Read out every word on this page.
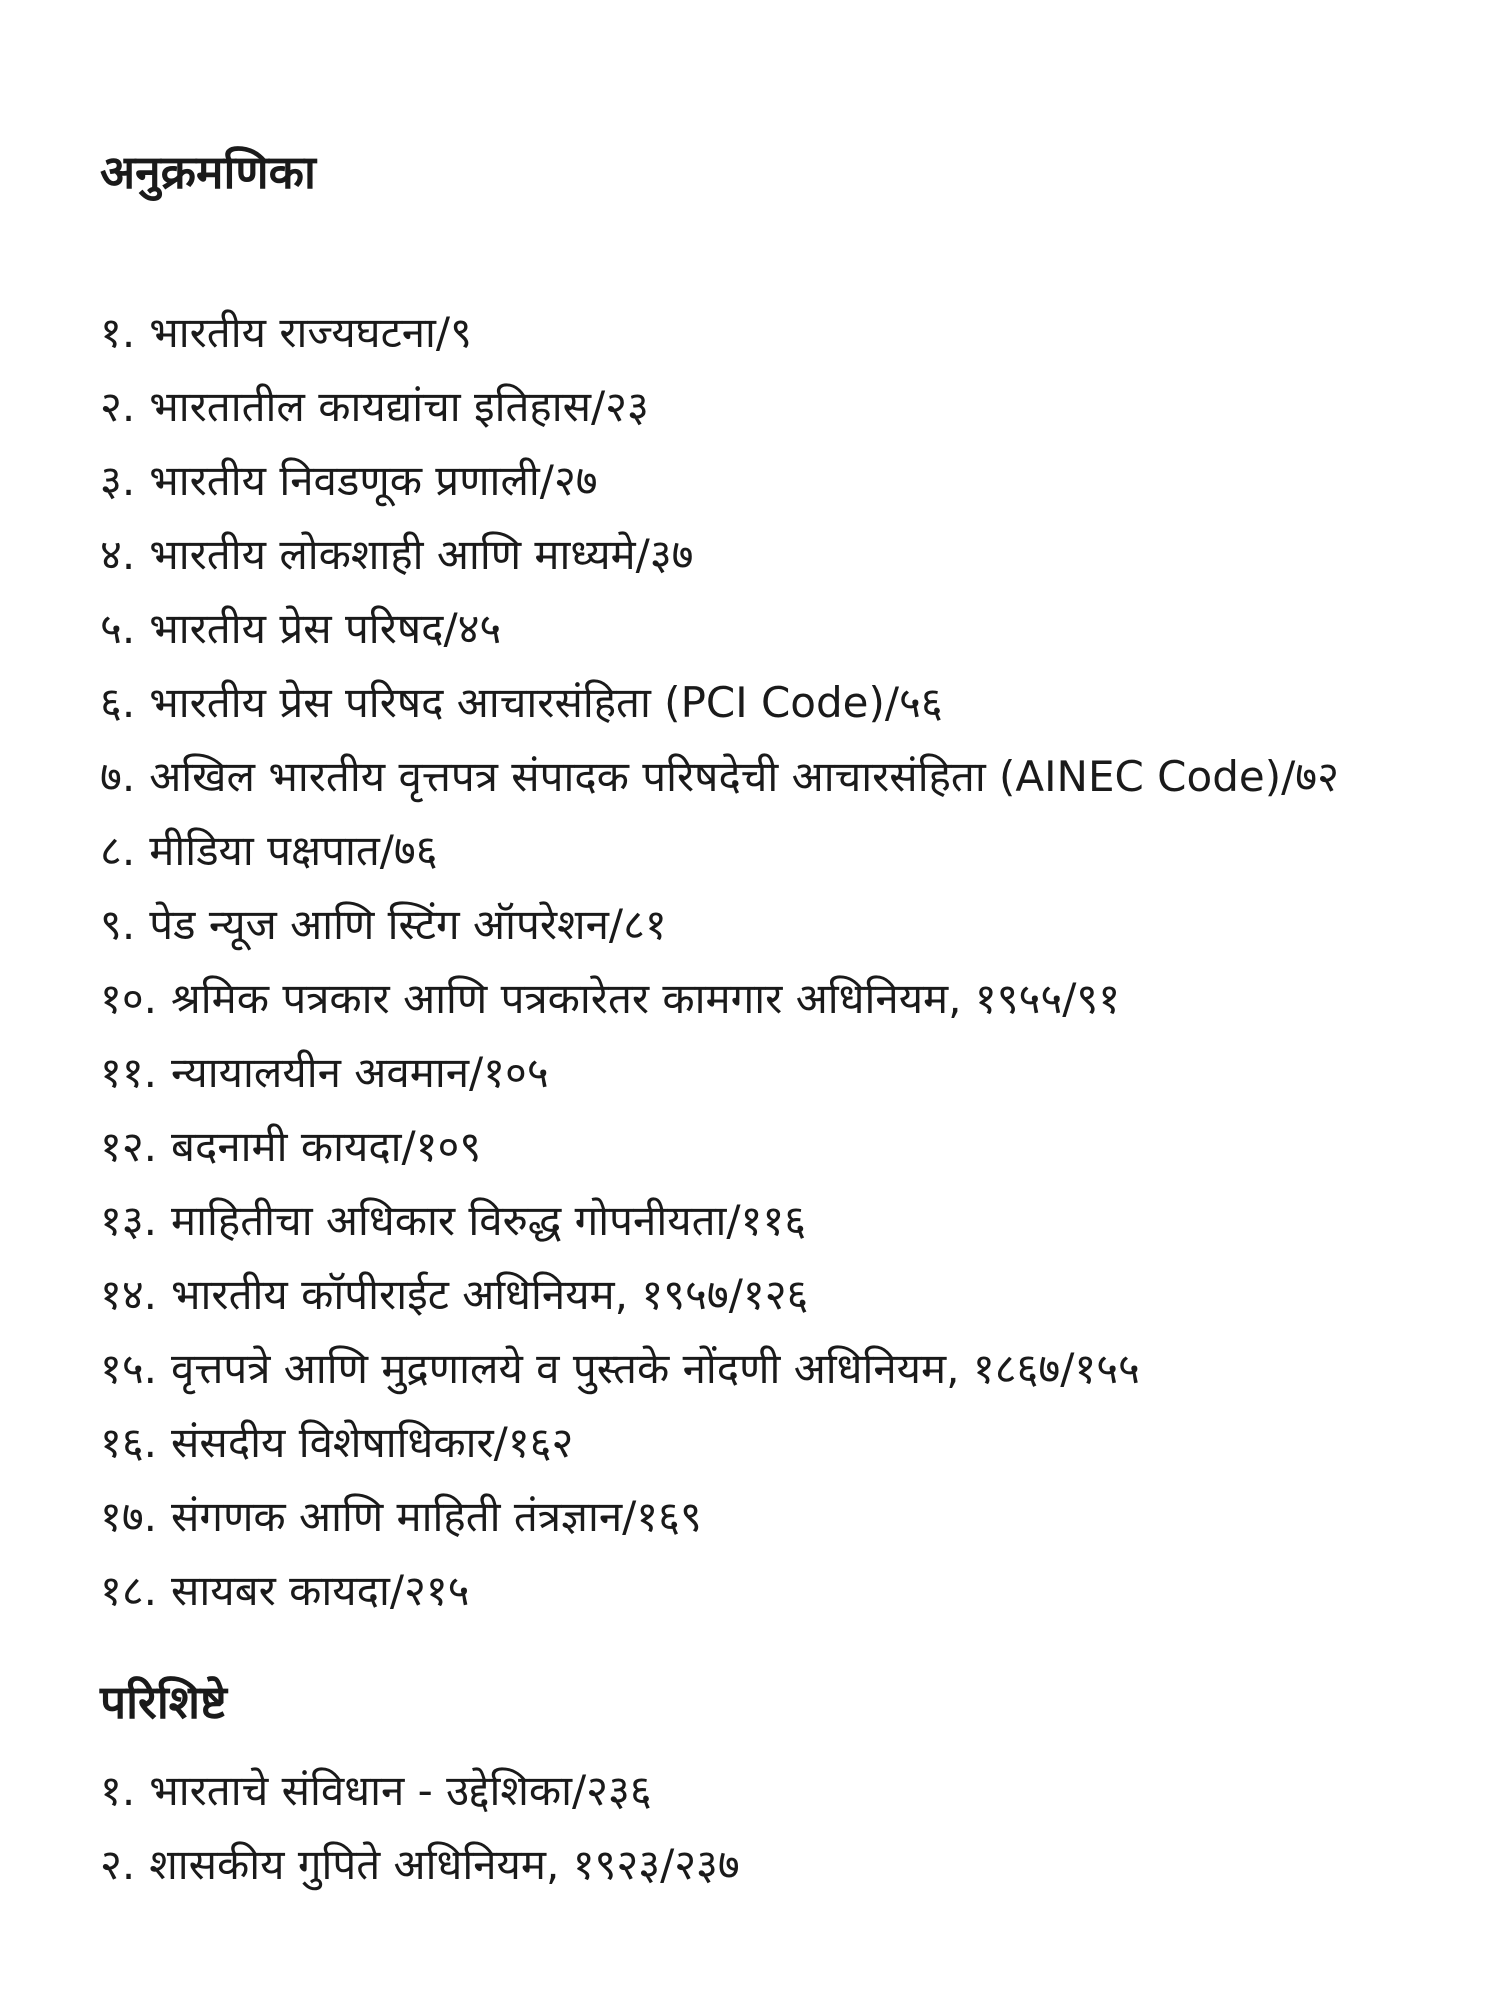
अनुक्रमणिका
१. भारतीय राज्यघटना/९
२. भारतातील कायद्यांचा इतिहास/२३
३. भारतीय निवडणूक प्रणाली/२७
४. भारतीय लोकशाही आणि माध्यमे/३७
५. भारतीय प्रेस परिषद/४५
६. भारतीय प्रेस परिषद आचारसंहिता (PCI Code)/५६
७. अखिल भारतीय वृत्तपत्र संपादक परिषदेची आचारसंहिता (AINEC Code)/७२
८. मीडिया पक्षपात/७६
९. पेड न्यूज आणि स्टिंग ऑपरेशन/८१
१०. श्रमिक पत्रकार आणि पत्रकारेतर कामगार अधिनियम, १९५५/९१
११. न्यायालयीन अवमान/१०५
१२. बदनामी कायदा/१०९
१३. माहितीचा अधिकार विरुद्ध गोपनीयता/११६
१४. भारतीय कॉपीराईट अधिनियम, १९५७/१२६
१५. वृत्तपत्रे आणि मुद्रणालये व पुस्तके नोंदणी अधिनियम, १८६७/१५५
१६. संसदीय विशेषाधिकार/१६२
१७. संगणक आणि माहिती तंत्रज्ञान/१६९
१८. सायबर कायदा/२१५
परिशिष्टे
१. भारताचे संविधान - उद्देशिका/२३६
२. शासकीय गुपिते अधिनियम, १९२३/२३७
